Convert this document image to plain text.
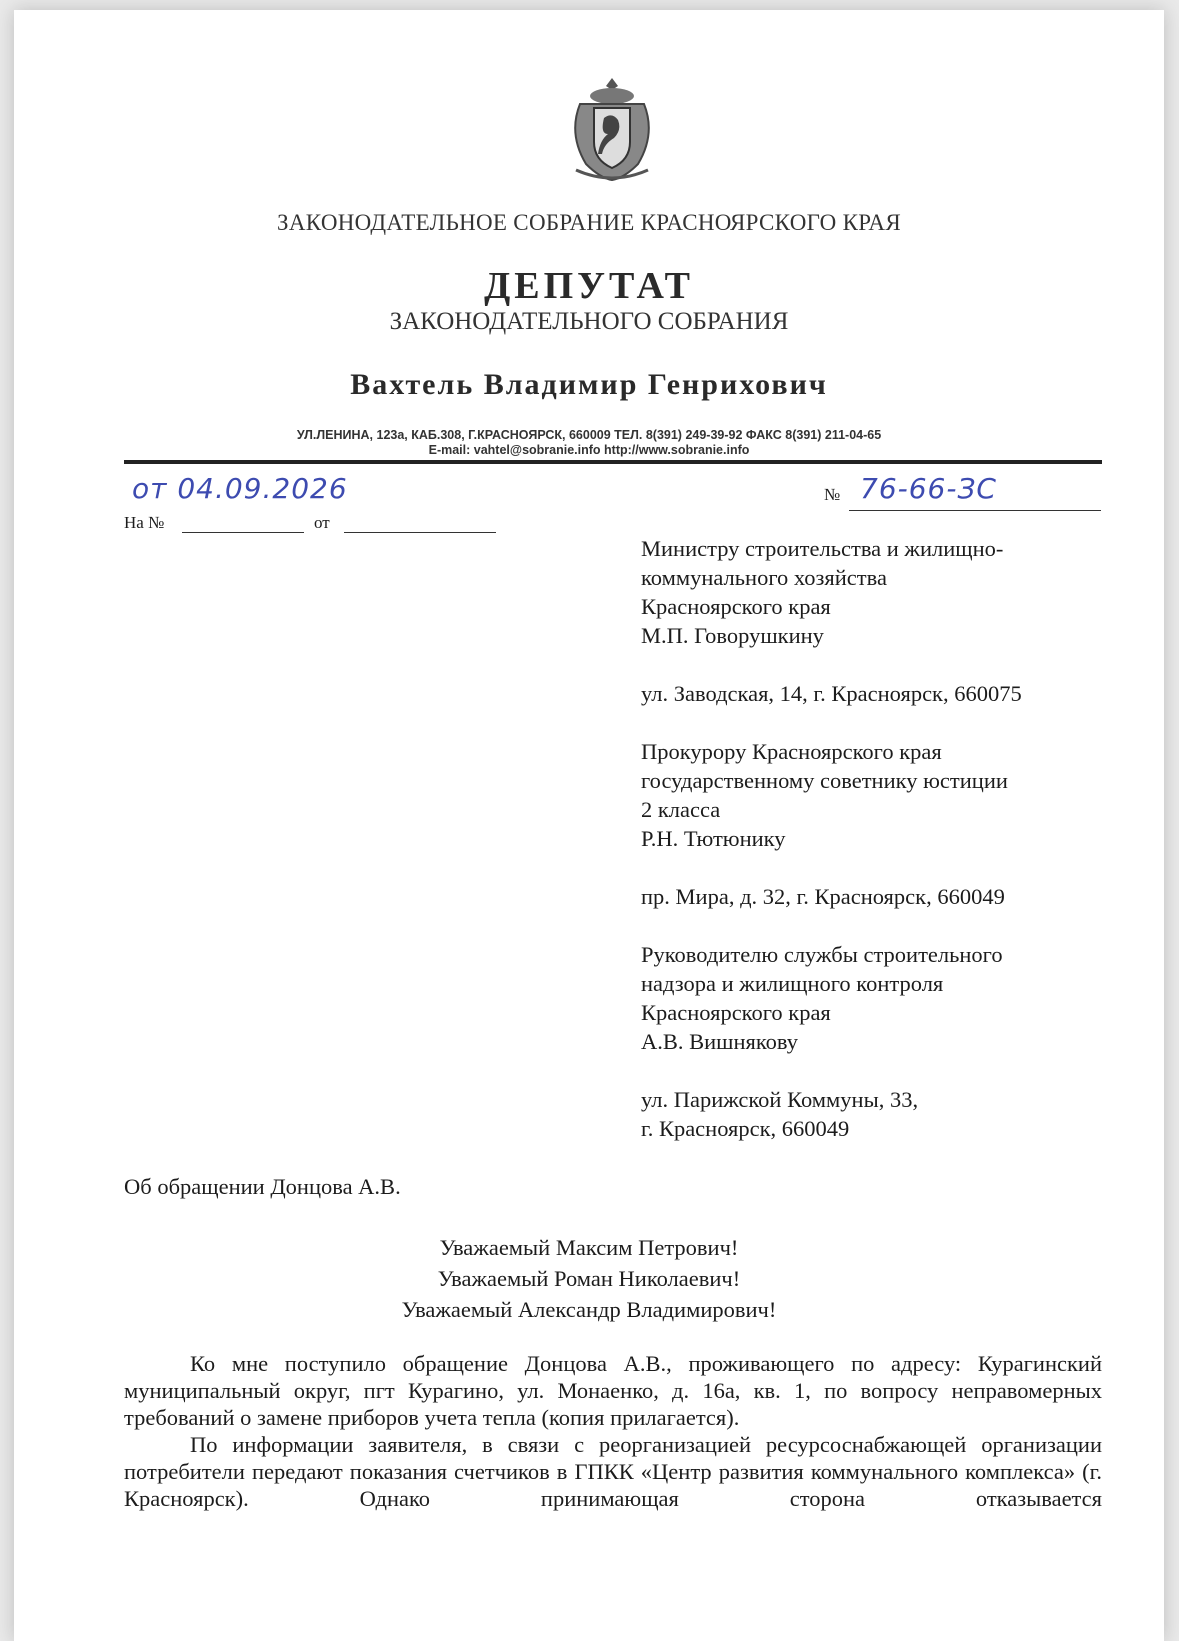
ЗАКОНОДАТЕЛЬНОЕ СОБРАНИЕ КРАСНОЯРСКОГО КРАЯ
ДЕПУТАТ
ЗАКОНОДАТЕЛЬНОГО СОБРАНИЯ
Вахтель Владимир Генрихович
УЛ.ЛЕНИНА, 123а, КАБ.308, Г.КРАСНОЯРСК, 660009 ТЕЛ. 8(391) 249-39-92 ФАКС 8(391) 211-04-65
E-mail: vahtel@sobranie.info http://www.sobranie.info
от 04.09.2026	№ 76-66-ЗС
На №	от
Министру строительства и жилищно-
коммунального хозяйства
Красноярского края
М.П. Говорушкину
ул. Заводская, 14, г. Красноярск, 660075
Прокурору Красноярского края
государственному советнику юстиции
2 класса
Р.Н. Тютюнику
пр. Мира, д. 32, г. Красноярск, 660049
Руководителю службы строительного
надзора и жилищного контроля
Красноярского края
А.В. Вишнякову
ул. Парижской Коммуны, 33,
г. Красноярск, 660049
Об обращении Донцова А.В.
Уважаемый Максим Петрович!
Уважаемый Роман Николаевич!
Уважаемый Александр Владимирович!

Ко мне поступило обращение Донцова А.В., проживающего по адресу: Курагинский муниципальный округ, пгт Курагино, ул. Монаенко, д. 16а, кв. 1, по вопросу неправомерных требований о замене приборов учета тепла (копия прилагается).

По информации заявителя, в связи с реорганизацией ресурсоснабжающей организации потребители передают показания счетчиков в ГПКК «Центр развития коммунального комплекса» (г. Красноярск). Однако принимающая сторона отказывается
